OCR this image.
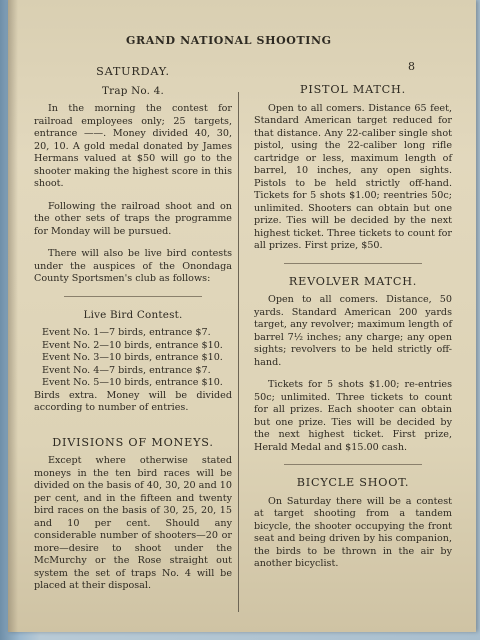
GRAND NATIONAL SHOOTING
8
SATURDAY.
Trap No. 4.

In the morning the contest for railroad employees only; 25 targets, entrance ——. Money divided 40, 30, 20, 10. A gold medal donated by James Hermans valued at $50 will go to the shooter making the highest score in this shoot.

Following the railroad shoot and on the other sets of traps the programme for Monday will be pursued.

There will also be live bird contests under the auspices of the Onondaga County Sportsmen's club as follows:

Live Bird Contest.

Event No. 1—7 birds, entrance $7.

Event No. 2—10 birds, entrance $10.

Event No. 3—10 birds, entrance $10.

Event No. 4—7 birds, entrance $7.

Event No. 5—10 birds, entrance $10.

Birds extra. Money will be divided according to number of entries.

DIVISIONS OF MONEYS.

Except where otherwise stated moneys in the ten bird races will be divided on the basis of 40, 30, 20 and 10 per cent, and in the fifteen and twenty bird races on the basis of 30, 25, 20, 15 and 10 per cent. Should any considerable number of shooters—20 or more—desire to shoot under the McMurchy or the Rose straight out system the set of traps No. 4 will be placed at their disposal.

PISTOL MATCH.

Open to all comers. Distance 65 feet, Standard American target reduced for that distance. Any 22-caliber single shot pistol, using the 22-caliber long rifle cartridge or less, maximum length of barrel, 10 inches, any open sights. Pistols to be held strictly off-hand. Tickets for 5 shots $1.00; reentries 50c; unlimited. Shooters can obtain but one prize. Ties will be decided by the next highest ticket. Three tickets to count for all prizes. First prize, $50.

REVOLVER MATCH.

Open to all comers. Distance, 50 yards. Standard American 200 yards target, any revolver; maximum length of barrel 7½ inches; any charge; any open sights; revolvers to be held strictly off-hand.

Tickets for 5 shots $1.00; re-entries 50c; unlimited. Three tickets to count for all prizes. Each shooter can obtain but one prize. Ties will be decided by the next highest ticket. First prize, Herald Medal and $15.00 cash.

BICYCLE SHOOT.

On Saturday there will be a contest at target shooting from a tandem bicycle, the shooter occupying the front seat and being driven by his companion, the birds to be thrown in the air by another bicyclist.
